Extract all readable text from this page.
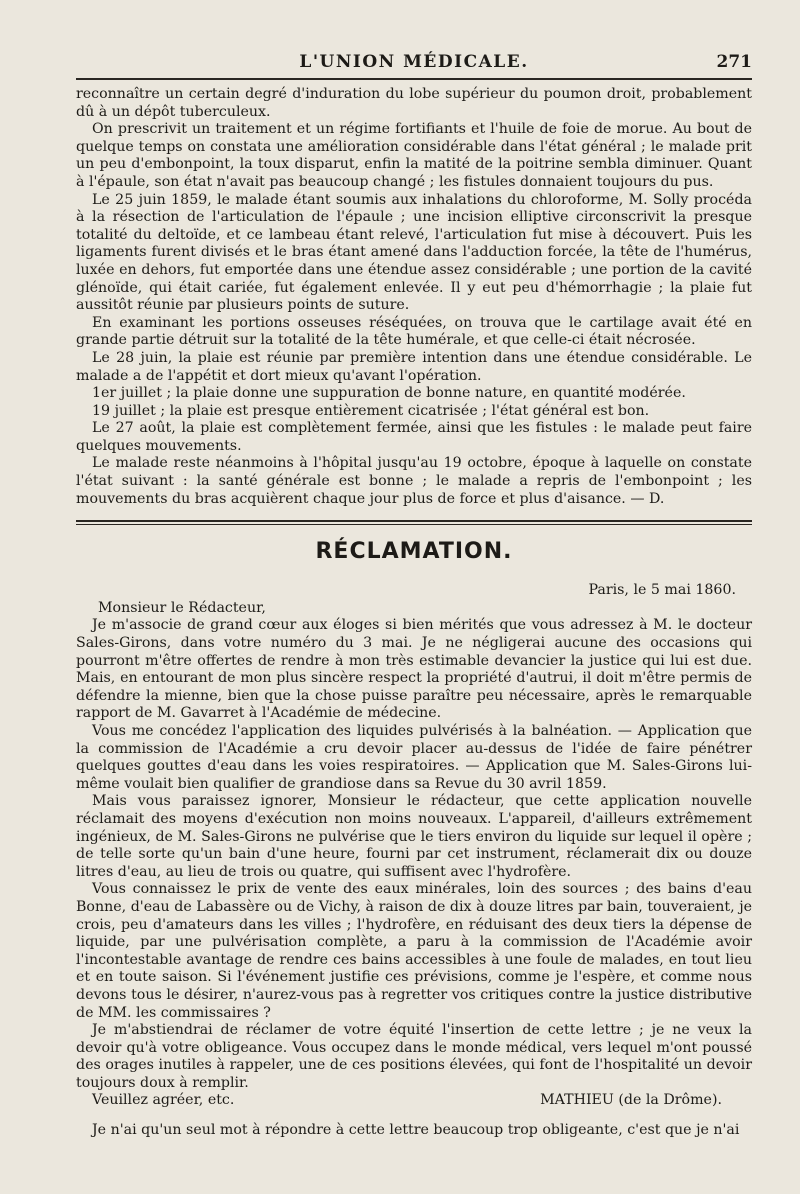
L'UNION MÉDICALE.	271

reconnaître un certain degré d'induration du lobe supérieur du poumon droit, probablement dû à un dépôt tuberculeux.

On prescrivit un traitement et un régime fortifiants et l'huile de foie de morue. Au bout de quelque temps on constata une amélioration considérable dans l'état général ; le malade prit un peu d'embonpoint, la toux disparut, enfin la matité de la poitrine sembla diminuer. Quant à l'épaule, son état n'avait pas beaucoup changé ; les fistules donnaient toujours du pus.

Le 25 juin 1859, le malade étant soumis aux inhalations du chloroforme, M. Solly procéda à la résection de l'articulation de l'épaule ; une incision elliptive circonscrivit la presque totalité du deltoïde, et ce lambeau étant relevé, l'articulation fut mise à découvert. Puis les ligaments furent divisés et le bras étant amené dans l'adduction forcée, la tête de l'humérus, luxée en dehors, fut emportée dans une étendue assez considérable ; une portion de la cavité glénoïde, qui était cariée, fut également enlevée. Il y eut peu d'hémorrhagie ; la plaie fut aussitôt réunie par plusieurs points de suture.

En examinant les portions osseuses réséquées, on trouva que le cartilage avait été en grande partie détruit sur la totalité de la tête humérale, et que celle-ci était nécrosée.

Le 28 juin, la plaie est réunie par première intention dans une étendue considérable. Le malade a de l'appétit et dort mieux qu'avant l'opération.

1er juillet ; la plaie donne une suppuration de bonne nature, en quantité modérée.

19 juillet ; la plaie est presque entièrement cicatrisée ; l'état général est bon.

Le 27 août, la plaie est complètement fermée, ainsi que les fistules : le malade peut faire quelques mouvements.

Le malade reste néanmoins à l'hôpital jusqu'au 19 octobre, époque à laquelle on constate l'état suivant : la santé générale est bonne ; le malade a repris de l'embonpoint ; les mouvements du bras acquièrent chaque jour plus de force et plus d'aisance. — D.

RÉCLAMATION.
Paris, le 5 mai 1860.
Monsieur le Rédacteur,

Je m'associe de grand cœur aux éloges si bien mérités que vous adressez à M. le docteur Sales-Girons, dans votre numéro du 3 mai. Je ne négligerai aucune des occasions qui pourront m'être offertes de rendre à mon très estimable devancier la justice qui lui est due. Mais, en entourant de mon plus sincère respect la propriété d'autrui, il doit m'être permis de défendre la mienne, bien que la chose puisse paraître peu nécessaire, après le remarquable rapport de M. Gavarret à l'Académie de médecine.

Vous me concédez l'application des liquides pulvérisés à la balnéation. — Application que la commission de l'Académie a cru devoir placer au-dessus de l'idée de faire pénétrer quelques gouttes d'eau dans les voies respiratoires. — Application que M. Sales-Girons lui-même voulait bien qualifier de grandiose dans sa Revue du 30 avril 1859.

Mais vous paraissez ignorer, Monsieur le rédacteur, que cette application nouvelle réclamait des moyens d'exécution non moins nouveaux. L'appareil, d'ailleurs extrêmement ingénieux, de M. Sales-Girons ne pulvérise que le tiers environ du liquide sur lequel il opère ; de telle sorte qu'un bain d'une heure, fourni par cet instrument, réclamerait dix ou douze litres d'eau, au lieu de trois ou quatre, qui suffisent avec l'hydrofère.

Vous connaissez le prix de vente des eaux minérales, loin des sources ; des bains d'eau Bonne, d'eau de Labassère ou de Vichy, à raison de dix à douze litres par bain, touveraient, je crois, peu d'amateurs dans les villes ; l'hydrofère, en réduisant des deux tiers la dépense de liquide, par une pulvérisation complète, a paru à la commission de l'Académie avoir l'incontestable avantage de rendre ces bains accessibles à une foule de malades, en tout lieu et en toute saison. Si l'événement justifie ces prévisions, comme je l'espère, et comme nous devons tous le désirer, n'aurez-vous pas à regretter vos critiques contre la justice distributive de MM. les commissaires ?

Je m'abstiendrai de réclamer de votre équité l'insertion de cette lettre ; je ne veux la devoir qu'à votre obligeance. Vous occupez dans le monde médical, vers lequel m'ont poussé des orages inutiles à rappeler, une de ces positions élevées, qui font de l'hospitalité un devoir toujours doux à remplir.

Veuillez agréer, etc.	MATHIEU (de la Drôme).

Je n'ai qu'un seul mot à répondre à cette lettre beaucoup trop obligeante, c'est que je n'ai
